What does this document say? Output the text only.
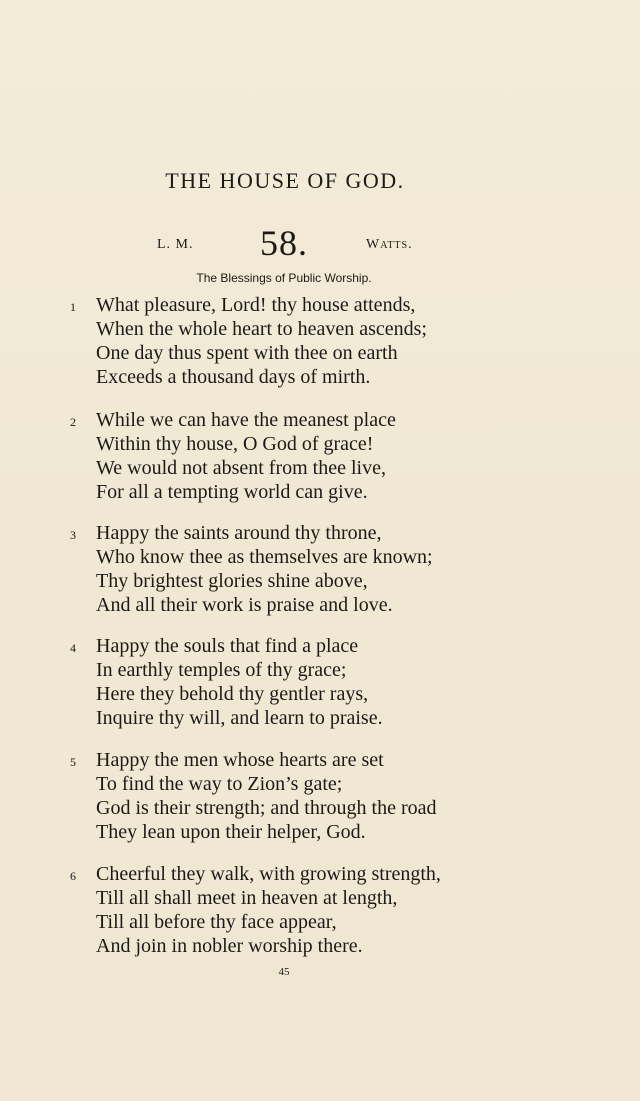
THE HOUSE OF GOD.
L. M. 58.	Watts.
The Blessings of Public Worship.
1 What pleasure, Lord! thy house attends,
When the whole heart to heaven ascends;
One day thus spent with thee on earth
Exceeds a thousand days of mirth.
2 While we can have the meanest place
Within thy house, O God of grace!
We would not absent from thee live,
For all a tempting world can give.
3 Happy the saints around thy throne,
Who know thee as themselves are known;
Thy brightest glories shine above,
And all their work is praise and love.
4 Happy the souls that find a place
In earthly temples of thy grace;
Here they behold thy gentler rays,
Inquire thy will, and learn to praise.
5 Happy the men whose hearts are set
To find the way to Zion’s gate;
God is their strength; and through the road
They lean upon their helper, God.
6 Cheerful they walk, with growing strength,
Till all shall meet in heaven at length,
Till all before thy face appear,
And join in nobler worship there.
45
